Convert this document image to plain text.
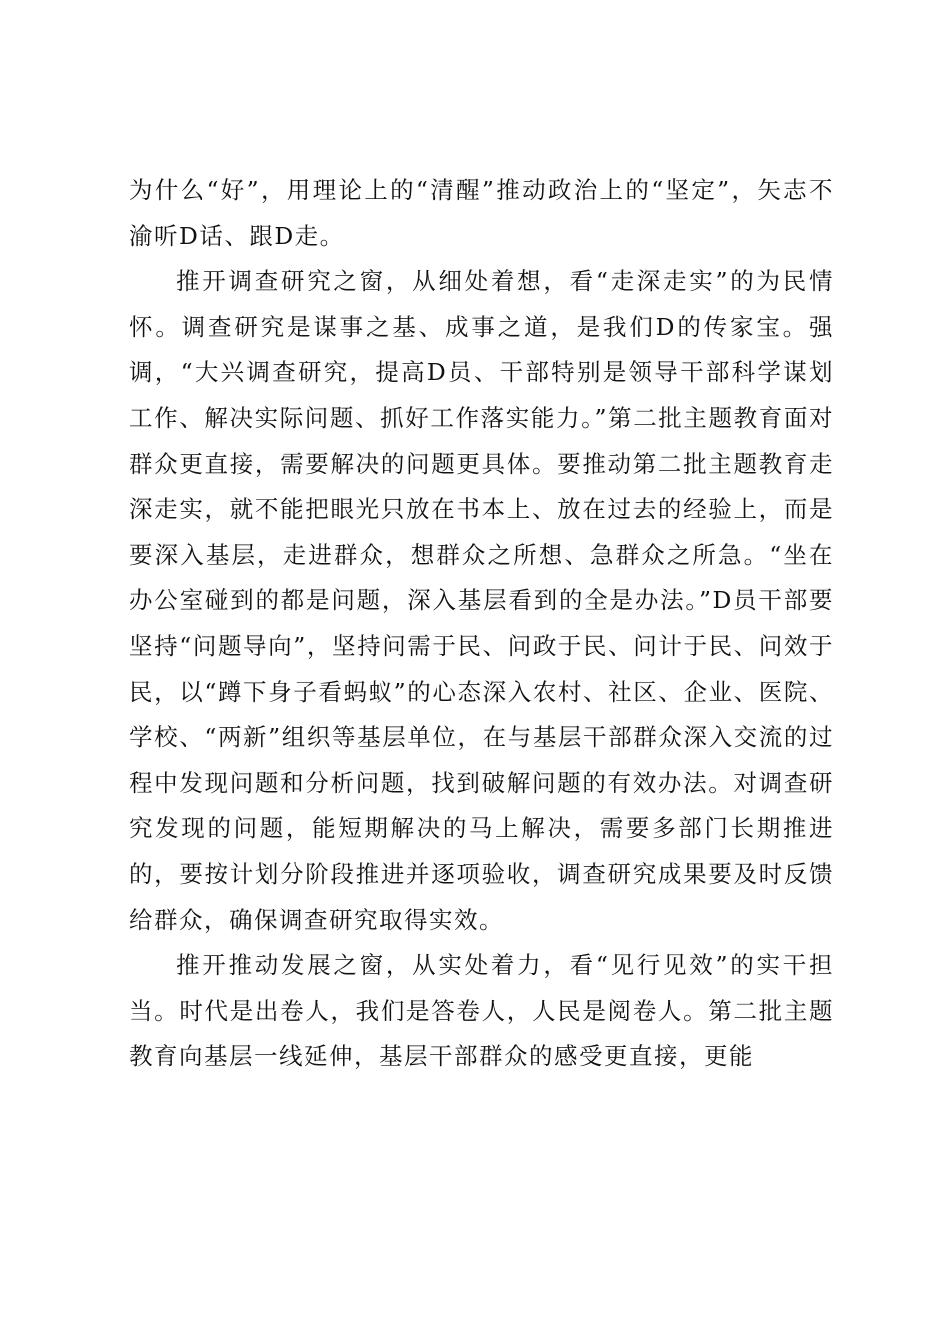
为什么“好”，用理论上的“清醒”推动政治上的“坚定”，矢志不渝听D话、跟D走。

推开调查研究之窗，从细处着想，看“走深走实”的为民情怀。调查研究是谋事之基、成事之道，是我们D的传家宝。强调，“大兴调查研究，提高D员、干部特别是领导干部科学谋划工作、解决实际问题、抓好工作落实能力。”第二批主题教育面对群众更直接，需要解决的问题更具体。要推动第二批主题教育走深走实，就不能把眼光只放在书本上、放在过去的经验上，而是要深入基层，走进群众，想群众之所想、急群众之所急。“坐在办公室碰到的都是问题，深入基层看到的全是办法。”D员干部要坚持“问题导向”，坚持问需于民、问政于民、问计于民、问效于民，以“蹲下身子看蚂蚁”的心态深入农村、社区、企业、医院、学校、“两新”组织等基层单位，在与基层干部群众深入交流的过程中发现问题和分析问题，找到破解问题的有效办法。对调查研究发现的问题，能短期解决的马上解决，需要多部门长期推进的，要按计划分阶段推进并逐项验收，调查研究成果要及时反馈给群众，确保调查研究取得实效。

推开推动发展之窗，从实处着力，看“见行见效”的实干担当。时代是出卷人，我们是答卷人，人民是阅卷人。第二批主题教育向基层一线延伸，基层干部群众的感受更直接，更能
